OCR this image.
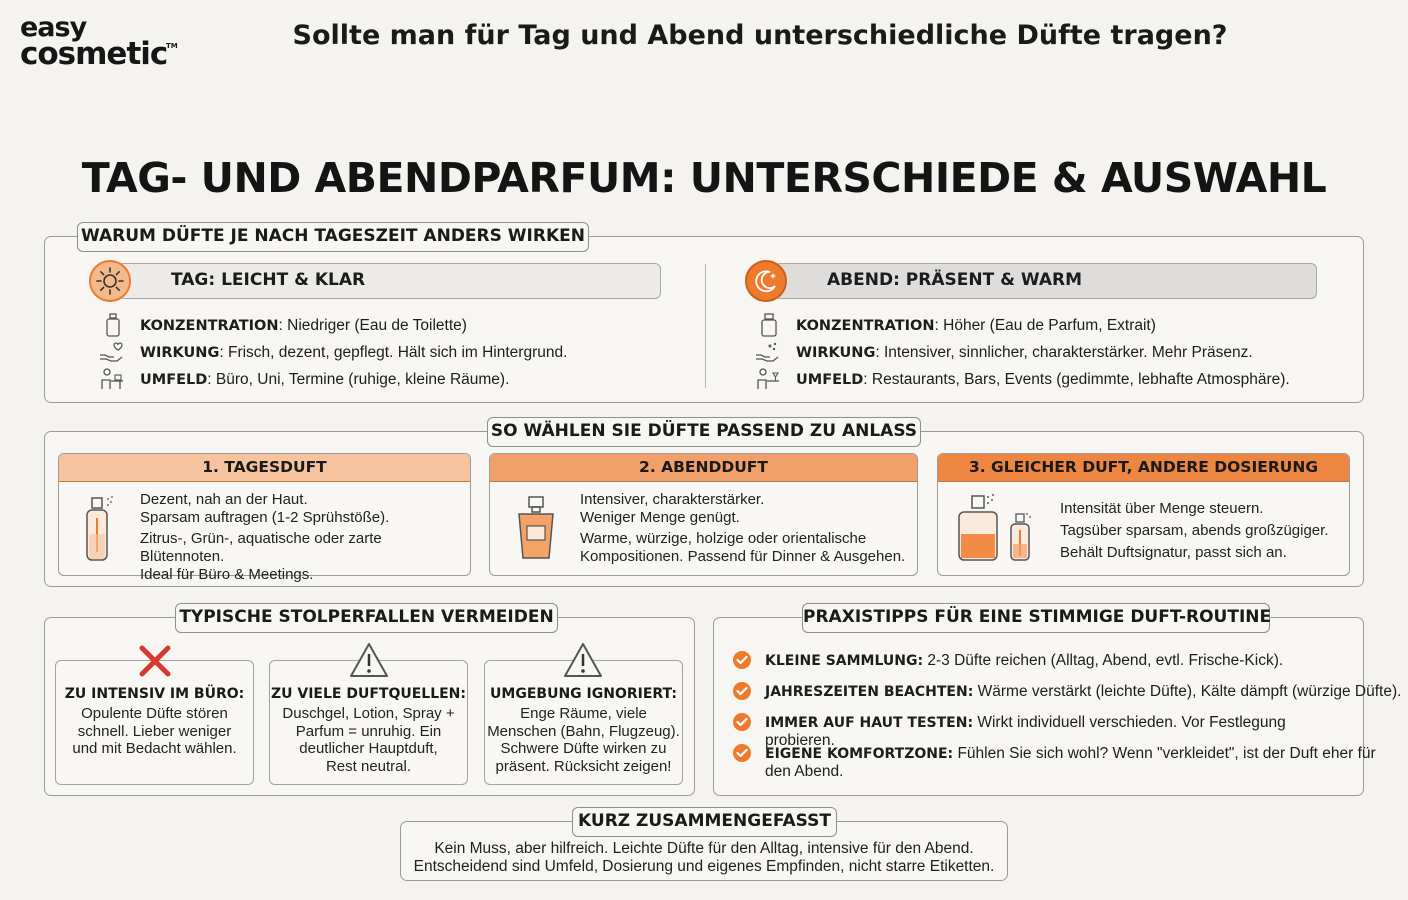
easy
cosmetic
TM	Sollte man für Tag und Abend unterschiedliche Düfte tragen?
TAG- UND ABENDPARFUM: UNTERSCHIEDE & AUSWAHL
WARUM DÜFTE JE NACH TAGESZEIT ANDERS WIRKEN
TAG: LEICHT & KLAR	ABEND: PRÄSENT & WARM
KONZENTRATION: Niedriger (Eau de Toilette)
WIRKUNG: Frisch, dezent, gepflegt. Hält sich im Hintergrund.
UMFELD: Büro, Uni, Termine (ruhige, kleine Räume).
KONZENTRATION: Höher (Eau de Parfum, Extrait)
WIRKUNG: Intensiver, sinnlicher, charakterstärker. Mehr Präsenz.
UMFELD: Restaurants, Bars, Events (gedimmte, lebhafte Atmosphäre).
SO WÄHLEN SIE DÜFTE PASSEND ZU ANLASS
1. TAGESDUFT
Dezent, nah an der Haut.
Sparsam auftragen (1-2 Sprühstöße).
Zitrus-, Grün-, aquatische oder zarte Blütennoten.
Ideal für Büro & Meetings.
2. ABENDDUFT
Intensiver, charakterstärker.
Weniger Menge genügt.
Warme, würzige, holzige oder orientalische
Kompositionen. Passend für Dinner & Ausgehen.
3. GLEICHER DUFT, ANDERE DOSIERUNG
Intensität über Menge steuern.
Tagsüber sparsam, abends großzügiger.
Behält Duftsignatur, passt sich an.
TYPISCHE STOLPERFALLEN VERMEIDEN
ZU INTENSIV IM BÜRO:
Opulente Düfte stören
schnell. Lieber weniger
und mit Bedacht wählen.
ZU VIELE DUFTQUELLEN:
Duschgel, Lotion, Spray +
Parfum = unruhig. Ein
deutlicher Hauptduft,
Rest neutral.
UMGEBUNG IGNORIERT:
Enge Räume, viele
Menschen (Bahn, Flugzeug).
Schwere Düfte wirken zu
präsent. Rücksicht zeigen!
PRAXISTIPPS FÜR EINE STIMMIGE DUFT-ROUTINE
KLEINE SAMMLUNG: 2-3 Düfte reichen (Alltag, Abend, evtl. Frische-Kick).
JAHRESZEITEN BEACHTEN: Wärme verstärkt (leichte Düfte), Kälte dämpft (würzige Düfte).
IMMER AUF HAUT TESTEN: Wirkt individuell verschieden. Vor Festlegung probieren.
EIGENE KOMFORTZONE: Fühlen Sie sich wohl? Wenn "verkleidet", ist der Duft eher für
den Abend.
KURZ ZUSAMMENGEFASST
Kein Muss, aber hilfreich. Leichte Düfte für den Alltag, intensive für den Abend.
Entscheidend sind Umfeld, Dosierung und eigenes Empfinden, nicht starre Etiketten.
